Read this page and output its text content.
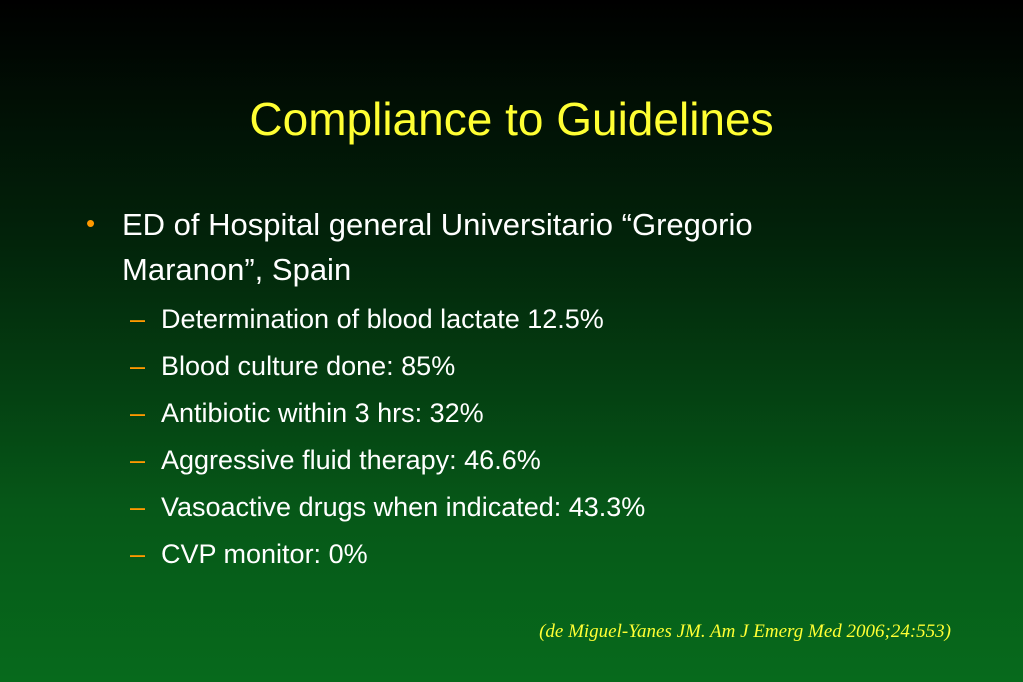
Compliance to Guidelines
• ED of Hospital general Universitario “Gregorio Maranon”, Spain
– Determination of blood lactate 12.5%
– Blood culture done: 85%
– Antibiotic within 3 hrs: 32%
– Aggressive fluid therapy: 46.6%
– Vasoactive drugs when indicated: 43.3%
– CVP monitor: 0%
(de Miguel-Yanes JM. Am J Emerg Med 2006;24:553)
